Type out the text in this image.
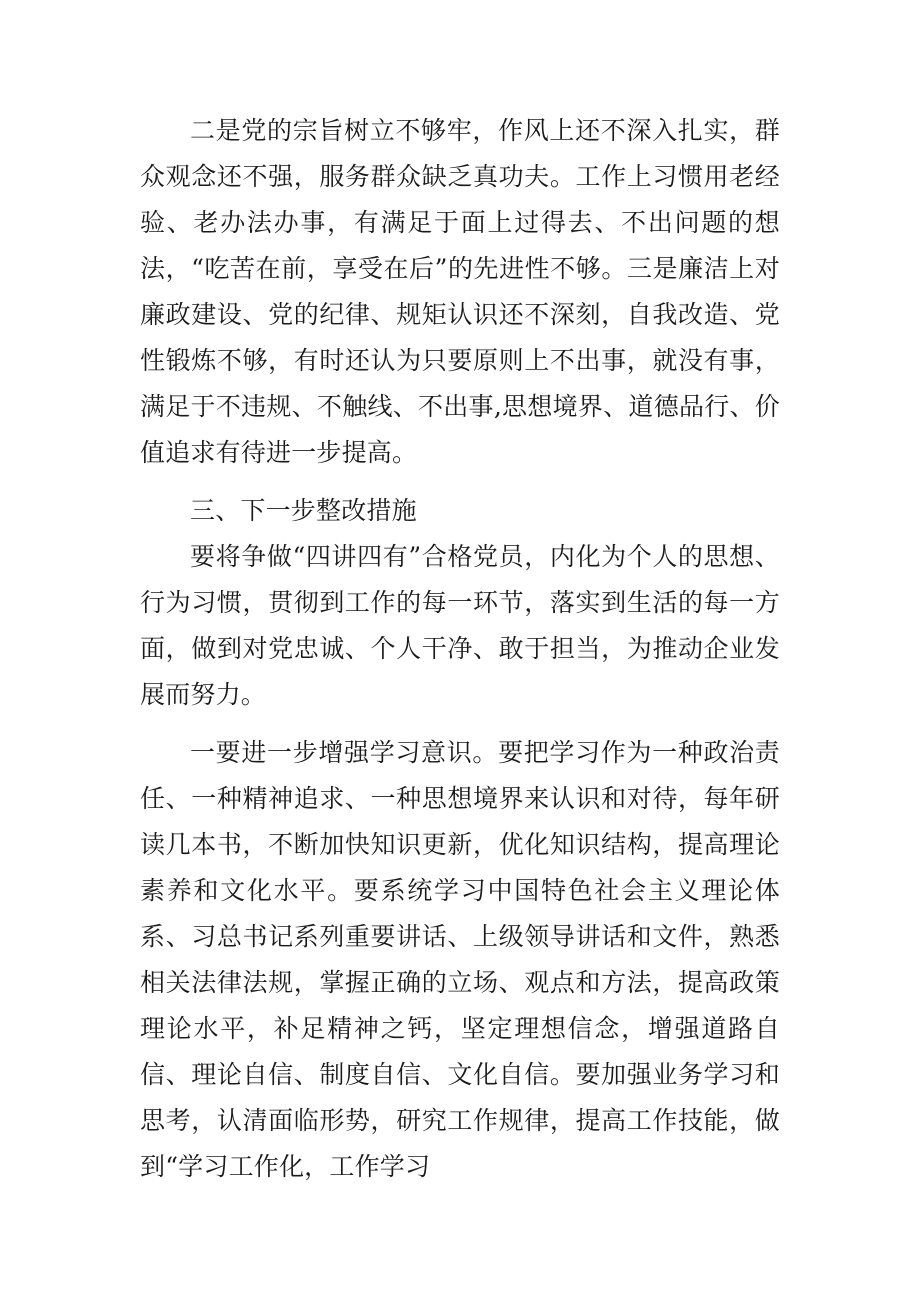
二是党的宗旨树立不够牢，作风上还不深入扎实，群众观念还不强，服务群众缺乏真功夫。工作上习惯用老经验、老办法办事，有满足于面上过得去、不出问题的想法，“吃苦在前，享受在后”的先进性不够。三是廉洁上对廉政建设、党的纪律、规矩认识还不深刻，自我改造、党性锻炼不够，有时还认为只要原则上不出事，就没有事，满足于不违规、不触线、不出事,思想境界、道德品行、价值追求有待进一步提高。

三、下一步整改措施

要将争做“四讲四有”合格党员，内化为个人的思想、行为习惯，贯彻到工作的每一环节，落实到生活的每一方面，做到对党忠诚、个人干净、敢于担当，为推动企业发展而努力。

一要进一步增强学习意识。要把学习作为一种政治责任、一种精神追求、一种思想境界来认识和对待，每年研读几本书，不断加快知识更新，优化知识结构，提高理论素养和文化水平。要系统学习中国特色社会主义理论体系、习总书记系列重要讲话、上级领导讲话和文件，熟悉相关法律法规，掌握正确的立场、观点和方法，提高政策理论水平，补足精神之钙，坚定理想信念，增强道路自信、理论自信、制度自信、文化自信。要加强业务学习和思考，认清面临形势，研究工作规律，提高工作技能，做到“学习工作化，工作学习
